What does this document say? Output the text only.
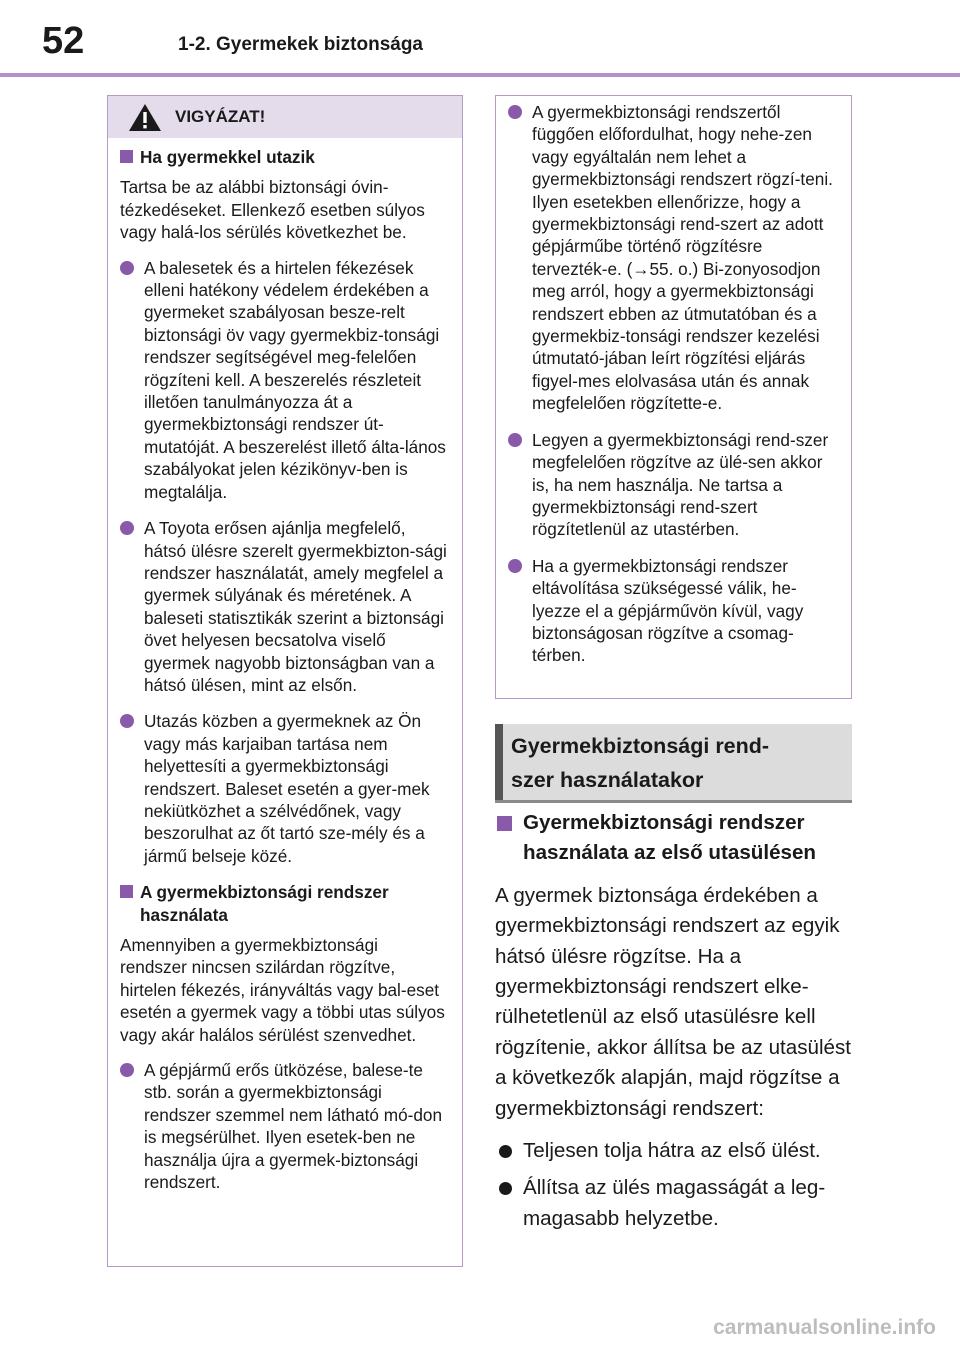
52	1-2. Gyermekek biztonsága
VIGYÁZAT!
Ha gyermekkel utazik
Tartsa be az alábbi biztonsági óvin-tézkedéseket. Ellenkező esetben súlyos vagy halá-los sérülés következhet be.
A balesetek és a hirtelen fékezések elleni hatékony védelem érdekében a gyermeket szabályosan besze-relt biztonsági öv vagy gyermekbiz-tonsági rendszer segítségével meg-felelően rögzíteni kell. A beszerelés részleteit illetően tanulmányozza át a gyermekbiztonsági rendszer út-mutatóját. A beszerelést illető álta-lános szabályokat jelen kézikönyv-ben is megtalálja.
A Toyota erősen ajánlja megfelelő, hátsó ülésre szerelt gyermekbizton-sági rendszer használatát, amely megfelel a gyermek súlyának és méretének. A baleseti statisztikák szerint a biztonsági övet helyesen becsatolva viselő gyermek nagyobb biztonságban van a hátsó ülésen, mint az elsőn.
Utazás közben a gyermeknek az Ön vagy más karjaiban tartása nem helyettesíti a gyermekbiztonsági rendszert. Baleset esetén a gyer-mek nekiütközhet a szélvédőnek, vagy beszorulhat az őt tartó sze-mély és a jármű belseje közé.
A gyermekbiztonsági rendszer használata
Amennyiben a gyermekbiztonsági rendszer nincsen szilárdan rögzítve, hirtelen fékezés, irányváltás vagy bal-eset esetén a gyermek vagy a többi utas súlyos vagy akár halálos sérülést szenvedhet.
A gépjármű erős ütközése, balese-te stb. során a gyermekbiztonsági rendszer szemmel nem látható mó-don is megsérülhet. Ilyen esetek-ben ne használja újra a gyermek-biztonsági rendszert.
A gyermekbiztonsági rendszertől függően előfordulhat, hogy nehe-zen vagy egyáltalán nem lehet a gyermekbiztonsági rendszert rögzí-teni. Ilyen esetekben ellenőrizze, hogy a gyermekbiztonsági rend-szert az adott gépjárműbe történő rögzítésre tervezték-e. (→55. o.) Bi-zonyosodjon meg arról, hogy a gyermekbiztonsági rendszert ebben az útmutatóban és a gyermekbiz-tonsági rendszer kezelési útmutató-jában leírt rögzítési eljárás figyel-mes elolvasása után és annak megfelelően rögzítette-e.
Legyen a gyermekbiztonsági rend-szer megfelelően rögzítve az ülé-sen akkor is, ha nem használja. Ne tartsa a gyermekbiztonsági rend-szert rögzítetlenül az utastérben.
Ha a gyermekbiztonsági rendszer eltávolítása szükségessé válik, he-lyezze el a gépjárművön kívül, vagy biztonságosan rögzítve a csomag-térben.
Gyermekbiztonsági rend-
szer használatakor
Gyermekbiztonsági rendszer használata az első utasülésen
A gyermek biztonsága érdekében a gyermekbiztonsági rendszert az egyik hátsó ülésre rögzítse. Ha a gyermekbiztonsági rendszert elke-rülhetetlenül az első utasülésre kell rögzítenie, akkor állítsa be az utasülést a következők alapján, majd rögzítse a gyermekbiztonsági rendszert:
Teljesen tolja hátra az első ülést.
Állítsa az ülés magasságát a leg-magasabb helyzetbe.
carmanualsonline.info
